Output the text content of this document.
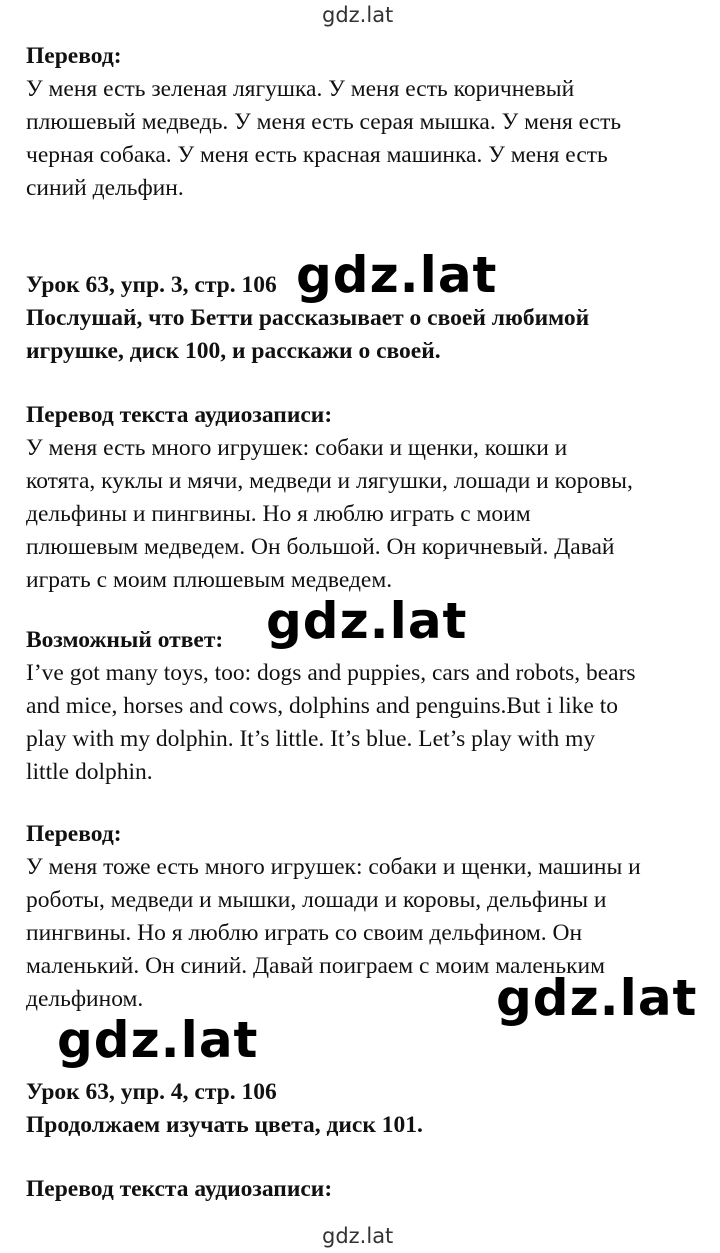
gdz.lat
Перевод:
У меня есть зеленая лягушка. У меня есть коричневый
плюшевый медведь. У меня есть серая мышка. У меня есть
черная собака. У меня есть красная машинка. У меня есть
синий дельфин.
Урок 63, упр. 3, стр. 106
Послушай, что Бетти рассказывает о своей любимой
игрушке, диск 100, и расскажи о своей.
Перевод текста аудиозаписи:
У меня есть много игрушек: собаки и щенки, кошки и
котята, куклы и мячи, медведи и лягушки, лошади и коровы,
дельфины и пингвины. Но я люблю играть с моим
плюшевым медведем. Он большой. Он коричневый. Давай
играть с моим плюшевым медведем.
Возможный ответ:
I’ve got many toys, too: dogs and puppies, cars and robots, bears
and mice, horses and cows, dolphins and penguins.But i like to
play with my dolphin. It’s little. It’s blue. Let’s play with my
little dolphin.
Перевод:
У меня тоже есть много игрушек: собаки и щенки, машины и
роботы, медведи и мышки, лошади и коровы, дельфины и
пингвины. Но я люблю играть со своим дельфином. Он
маленький. Он синий. Давай поиграем с моим маленьким
дельфином.
Урок 63, упр. 4, стр. 106
Продолжаем изучать цвета, диск 101.
Перевод текста аудиозаписи:
gdz.lat
gdz.lat
gdz.lat
gdz.lat
gdz.lat
